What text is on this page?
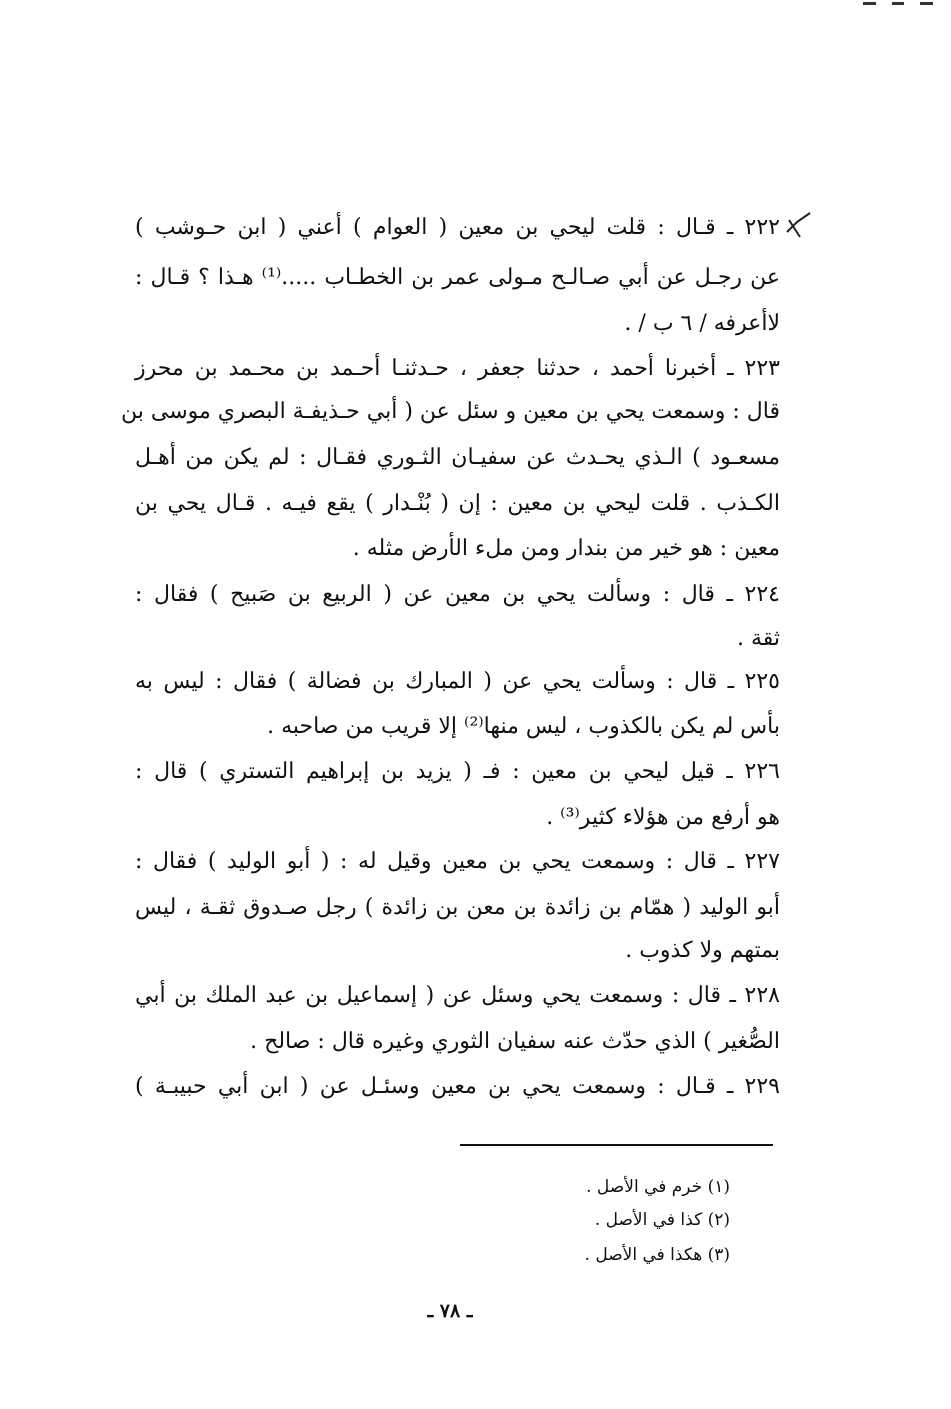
٢٢٢ ـ قـال : قلت ليحي بن معين ( العوام ) أعني ( ابن حـوشب )
عن رجـل عن أبي صـالـح مـولى عمر بن الخطـاب .....⁽¹⁾ هـذا ؟ قـال :
لاأعرفه / ٦ ب / .
٢٢٣ ـ أخبرنا أحمد ، حدثنا جعفر ، حـدثنـا أحـمد بن محـمد بن محرز
قال : وسمعت يحي بن معين و سئل عن ( أبي حـذيفـة البصري موسى بن
مسعـود ) الـذي يحـدث عن سفيـان الثـوري فقـال : لم يكن من أهـل
الكـذب . قلت ليحي بن معين : إن ( بُنْـدار ) يقع فيـه . قـال يحي بن
معين : هو خير من بندار ومن ملء الأرض مثله .
٢٢٤ ـ قال : وسألت يحي بن معين عن ( الربيع بن صَبيح ) فقال :
ثقة .
٢٢٥ ـ قال : وسألت يحي عن ( المبارك بن فضالة ) فقال : ليس به
بأس لم يكن بالكذوب ، ليس منها⁽²⁾ إلا قريب من صاحبه .
٢٢٦ ـ قيل ليحي بن معين : فـ ( يزيد بن إبراهيم التستري ) قال :
هو أرفع من هؤلاء كثير⁽³⁾ .
٢٢٧ ـ قال : وسمعت يحي بن معين وقيل له : ( أبو الوليد ) فقال :
أبو الوليد ( همّام بن زائدة بن معن بن زائدة ) رجل صـدوق ثقـة ، ليس
بمتهم ولا كذوب .
٢٢٨ ـ قال : وسمعت يحي وسئل عن ( إسماعيل بن عبد الملك بن أبي
الصُّغير ) الذي حدّث عنه سفيان الثوري وغيره قال : صالح .
٢٢٩ ـ قـال : وسمعت يحي بن معين وسئـل عن ( ابن أبي حبيبـة )
(١) خرم في الأصل .
(٢) كذا في الأصل .
(٣) هكذا في الأصل .
ـ ٧٨ ـ
